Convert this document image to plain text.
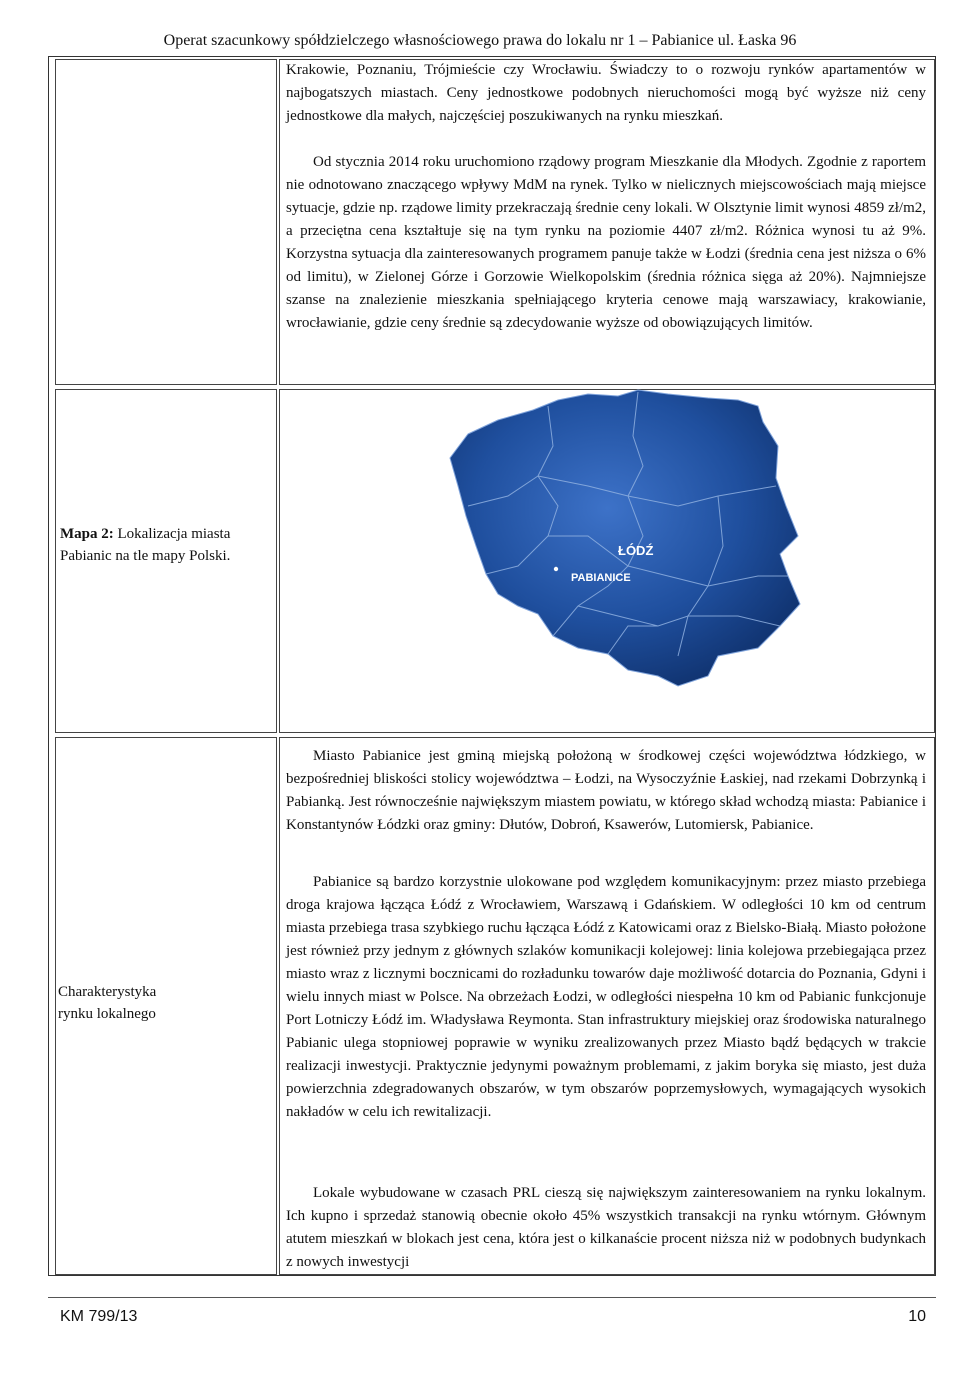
Operat szacunkowy spółdzielczego własnościowego prawa do lokalu nr 1 – Pabianice ul. Łaska 96
Krakowie, Poznaniu, Trójmieście czy Wrocławiu. Świadczy to o rozwoju rynków apartamentów w najbogatszych miastach. Ceny jednostkowe podobnych nieruchomości mogą być wyższe niż ceny jednostkowe dla małych, najczęściej poszukiwanych na rynku mieszkań.
Od stycznia 2014 roku uruchomiono rządowy program Mieszkanie dla Młodych. Zgodnie z raportem nie odnotowano znaczącego wpływy MdM na rynek. Tylko w nielicznych miejscowościach mają miejsce sytuacje, gdzie np. rządowe limity przekraczają średnie ceny lokali. W Olsztynie limit wynosi 4859 zł/m2, a przeciętna cena kształtuje się na tym rynku na poziomie 4407 zł/m2. Różnica wynosi tu aż 9%. Korzystna sytuacja dla zainteresowanych programem panuje także w Łodzi (średnia cena jest niższa o 6% od limitu), w Zielonej Górze i Gorzowie Wielkopolskim (średnia różnica sięga aż 20%). Najmniejsze szanse na znalezienie mieszkania spełniającego kryteria cenowe mają warszawiacy, krakowianie, wrocławianie, gdzie ceny średnie są zdecydowanie wyższe od obowiązujących limitów.
Mapa 2: Lokalizacja miasta Pabianic na tle mapy Polski.	ŁÓDŹ
PABIANICE
Charakterystyka rynku lokalnego
Miasto Pabianice jest gminą miejską położoną w środkowej części województwa łódzkiego, w bezpośredniej bliskości stolicy województwa – Łodzi, na Wysoczyźnie Łaskiej, nad rzekami Dobrzynką i Pabianką. Jest równocześnie największym miastem powiatu, w którego skład wchodzą miasta: Pabianice i Konstantynów Łódzki oraz gminy: Dłutów, Dobroń, Ksawerów, Lutomiersk, Pabianice.
Pabianice są bardzo korzystnie ulokowane pod względem komunikacyjnym: przez miasto przebiega droga krajowa łącząca Łódź z Wrocławiem, Warszawą i Gdańskiem. W odległości 10 km od centrum miasta przebiega trasa szybkiego ruchu łącząca Łódź z Katowicami oraz z Bielsko-Białą. Miasto położone jest również przy jednym z głównych szlaków komunikacji kolejowej: linia kolejowa przebiegająca przez miasto wraz z licznymi bocznicami do rozładunku towarów daje możliwość dotarcia do Poznania, Gdyni i wielu innych miast w Polsce. Na obrzeżach Łodzi, w odległości niespełna 10 km od Pabianic funkcjonuje Port Lotniczy Łódź im. Władysława Reymonta. Stan infrastruktury miejskiej oraz środowiska naturalnego Pabianic ulega stopniowej poprawie w wyniku zrealizowanych przez Miasto bądź będących w trakcie realizacji inwestycji. Praktycznie jedynymi poważnym problemami, z jakim boryka się miasto, jest duża powierzchnia zdegradowanych obszarów, w tym obszarów poprzemysłowych, wymagających wysokich nakładów w celu ich rewitalizacji.
Lokale wybudowane w czasach PRL cieszą się największym zainteresowaniem na rynku lokalnym. Ich kupno i sprzedaż stanowią obecnie około 45% wszystkich transakcji na rynku wtórnym. Głównym atutem mieszkań w blokach jest cena, która jest o kilkanaście procent niższa niż w podobnych budynkach z nowych inwestycji
KM 799/13	10
